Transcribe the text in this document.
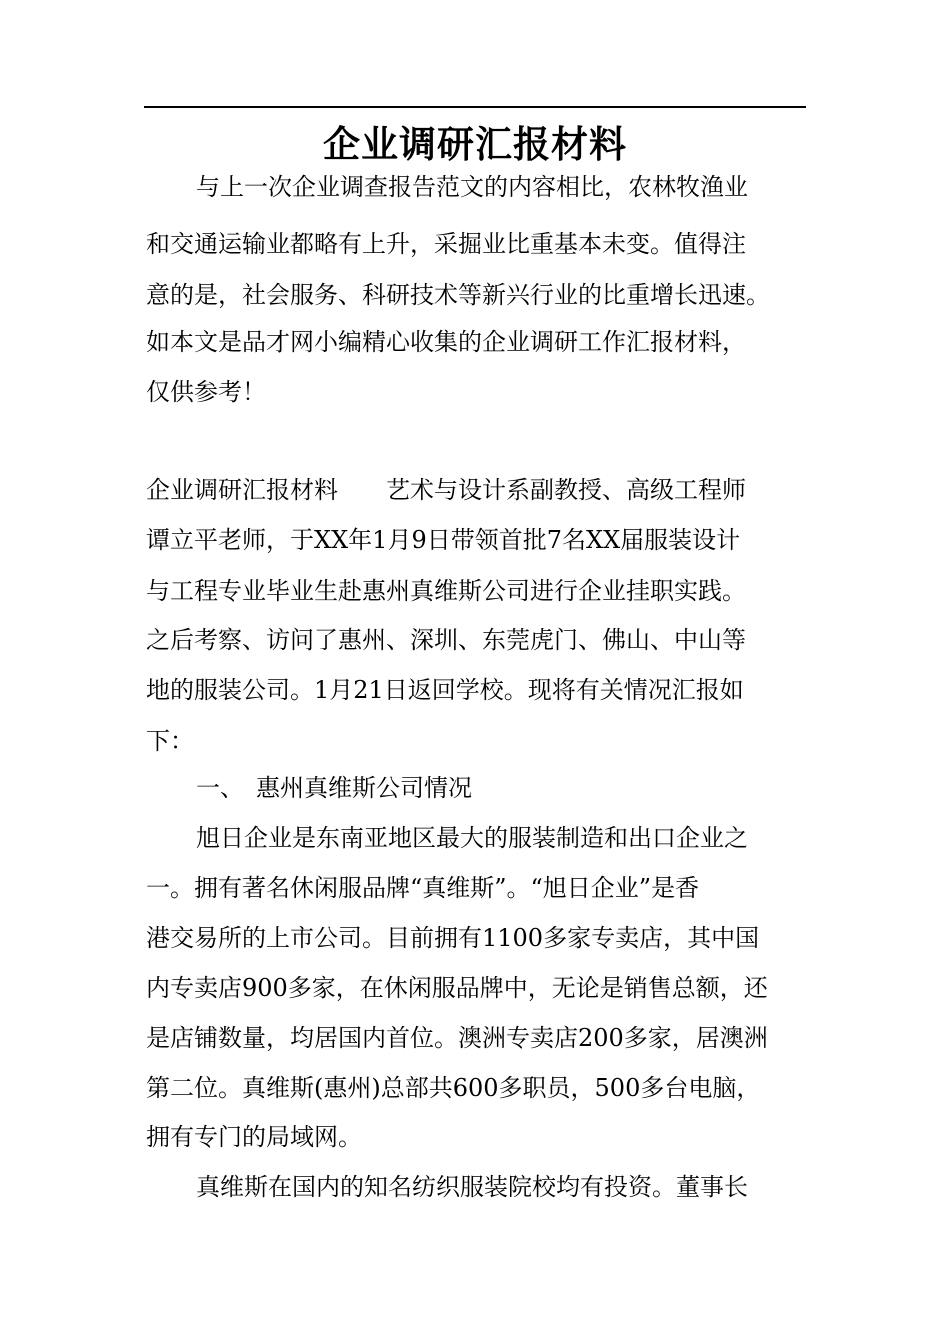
企业调研汇报材料

与上一次企业调查报告范文的内容相比，农林牧渔业

和交通运输业都略有上升，采掘业比重基本未变。值得注

意的是，社会服务、科研技术等新兴行业的比重增长迅速。

如本文是品才网小编精心收集的企业调研工作汇报材料，

仅供参考！

企业调研汇报材料　　艺术与设计系副教授、高级工程师

谭立平老师，于XX年1月9日带领首批7名XX届服装设计

与工程专业毕业生赴惠州真维斯公司进行企业挂职实践。

之后考察、访问了惠州、深圳、东莞虎门、佛山、中山等

地的服装公司。1月21日返回学校。现将有关情况汇报如

下：

一、　惠州真维斯公司情况

旭日企业是东南亚地区最大的服装制造和出口企业之

一。拥有著名休闲服品牌“真维斯”。“旭日企业”是香

港交易所的上市公司。目前拥有1100多家专卖店，其中国

内专卖店900多家，在休闲服品牌中，无论是销售总额，还

是店铺数量，均居国内首位。澳洲专卖店200多家，居澳洲

第二位。真维斯(惠州)总部共600多职员，500多台电脑，

拥有专门的局域网。

真维斯在国内的知名纺织服装院校均有投资。董事长
